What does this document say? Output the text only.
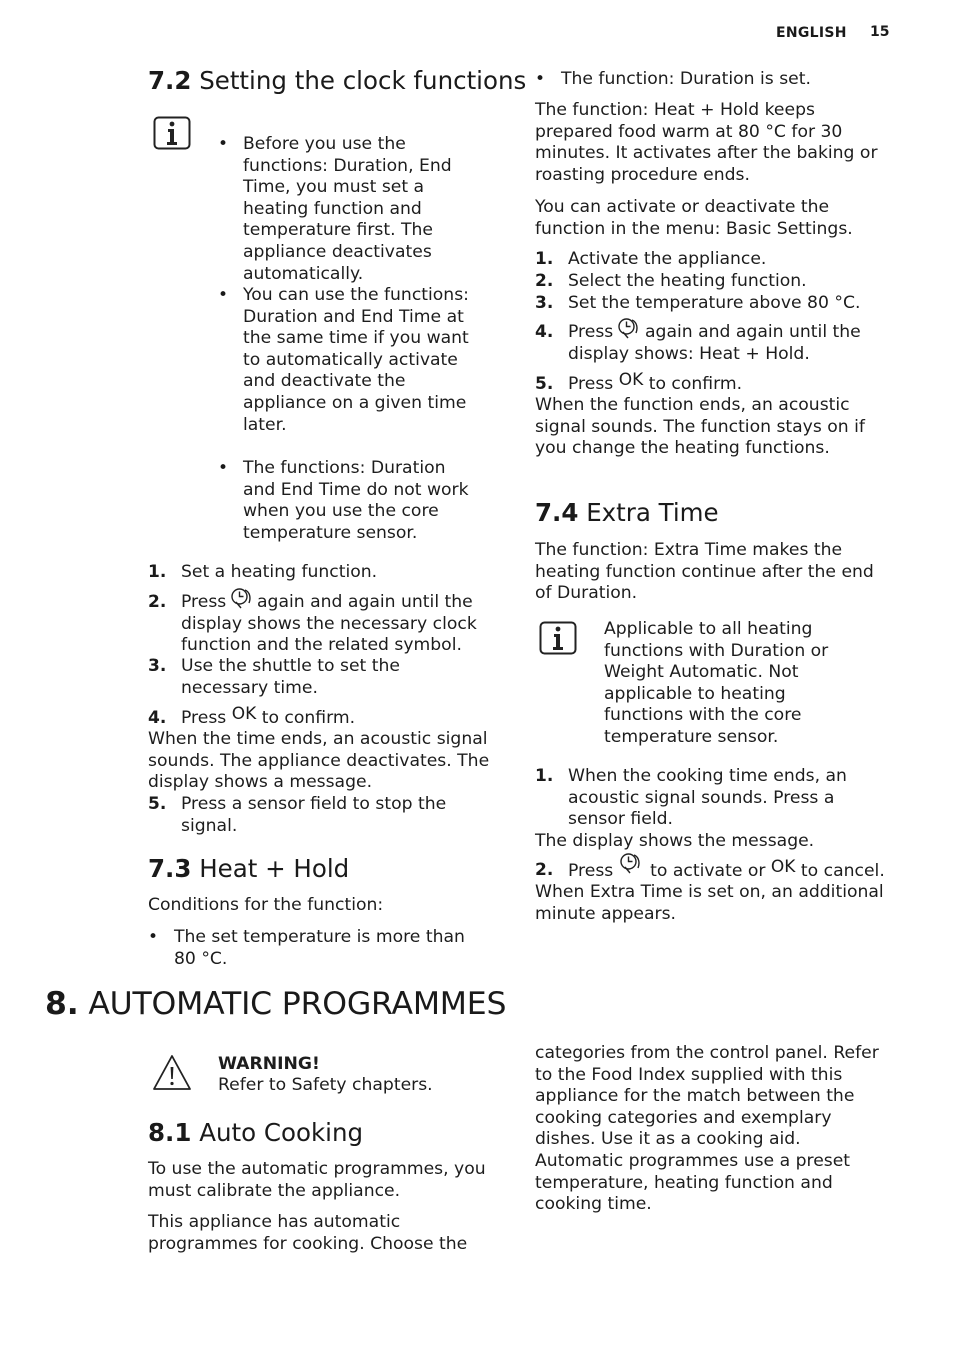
ENGLISH 15
7.2 Setting the clock functions
• Before you use the functions: Duration, End Time, you must set a heating function and temperature first. The appliance deactivates automatically.
• You can use the functions: Duration and End Time at the same time if you want to automatically activate and deactivate the appliance on a given time later.
• The functions: Duration and End Time do not work when you use the core temperature sensor.
1. Set a heating function.
2. Press	again and again until the display shows the necessary clock function and the related symbol.
3. Use the shuttle to set the necessary time.
4. Press OK to confirm.
When the time ends, an acoustic signal sounds. The appliance deactivates. The display shows a message.
5. Press a sensor field to stop the signal.
7.3 Heat + Hold
Conditions for the function:
• The set temperature is more than 80 °C.
• The function: Duration is set.
The function: Heat + Hold keeps prepared food warm at 80 °C for 30 minutes. It activates after the baking or roasting procedure ends.
You can activate or deactivate the function in the menu: Basic Settings.
1. Activate the appliance.
2. Select the heating function.
3. Set the temperature above 80 °C.
4. Press	again and again until the display shows: Heat + Hold.
5. Press OK to confirm.
When the function ends, an acoustic signal sounds. The function stays on if you change the heating functions.
7.4 Extra Time
The function: Extra Time makes the heating function continue after the end of Duration.
Applicable to all heating functions with Duration or Weight Automatic. Not applicable to heating functions with the core temperature sensor.
1. When the cooking time ends, an acoustic signal sounds. Press a sensor field.
The display shows the message.
2. Press to activate or OK to cancel.
When Extra Time is set on, an additional minute appears.
8. AUTOMATIC PROGRAMMES
WARNING!
Refer to Safety chapters.
8.1 Auto Cooking
To use the automatic programmes, you must calibrate the appliance.
This appliance has automatic programmes for cooking. Choose the
categories from the control panel. Refer to the Food Index supplied with this appliance for the match between the cooking categories and exemplary dishes. Use it as a cooking aid. Automatic programmes use a preset temperature, heating function and cooking time.
